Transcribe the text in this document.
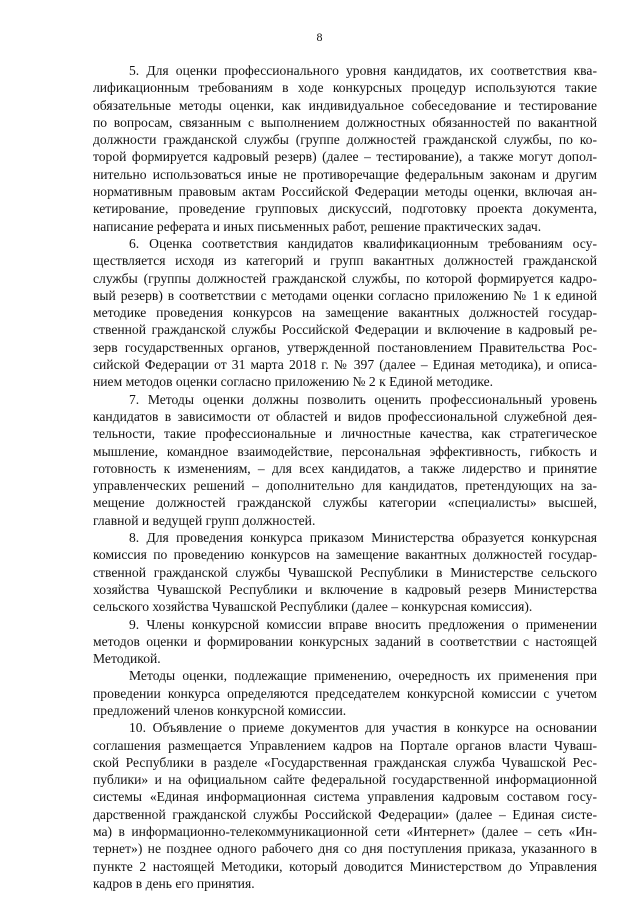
8
5. Для оценки профессионального уровня кандидатов, их соответствия ква-
лификационным требованиям в ходе конкурсных процедур используются такие
обязательные методы оценки, как индивидуальное собеседование и тестирование
по вопросам, связанным с выполнением должностных обязанностей по вакантной
должности гражданской службы (группе должностей гражданской службы, по ко-
торой формируется кадровый резерв) (далее – тестирование), а также могут допол-
нительно использоваться иные не противоречащие федеральным законам и другим
нормативным правовым актам Российской Федерации методы оценки, включая ан-
кетирование, проведение групповых дискуссий, подготовку проекта документа,
написание реферата и иных письменных работ, решение практических задач.
6. Оценка соответствия кандидатов квалификационным требованиям осу-
ществляется исходя из категорий и групп вакантных должностей гражданской
службы (группы должностей гражданской службы, по которой формируется кадро-
вый резерв) в соответствии с методами оценки согласно приложению № 1 к единой
методике проведения конкурсов на замещение вакантных должностей государ-
ственной гражданской службы Российской Федерации и включение в кадровый ре-
зерв государственных органов, утвержденной постановлением Правительства Рос-
сийской Федерации от 31 марта 2018 г. № 397 (далее – Единая методика), и описа-
нием методов оценки согласно приложению № 2 к Единой методике.
7. Методы оценки должны позволить оценить профессиональный уровень
кандидатов в зависимости от областей и видов профессиональной служебной дея-
тельности, такие профессиональные и личностные качества, как стратегическое
мышление, командное взаимодействие, персональная эффективность, гибкость и
готовность к изменениям, – для всех кандидатов, а также лидерство и принятие
управленческих решений – дополнительно для кандидатов, претендующих на за-
мещение должностей гражданской службы категории «специалисты» высшей,
главной и ведущей групп должностей.
8. Для проведения конкурса приказом Министерства образуется конкурсная
комиссия по проведению конкурсов на замещение вакантных должностей государ-
ственной гражданской службы Чувашской Республики в Министерстве сельского
хозяйства Чувашской Республики и включение в кадровый резерв Министерства
сельского хозяйства Чувашской Республики (далее – конкурсная комиссия).
9. Члены конкурсной комиссии вправе вносить предложения о применении
методов оценки и формировании конкурсных заданий в соответствии с настоящей
Методикой.
Методы оценки, подлежащие применению, очередность их применения при
проведении конкурса определяются председателем конкурсной комиссии с учетом
предложений членов конкурсной комиссии.
10. Объявление о приеме документов для участия в конкурсе на основании
соглашения размещается Управлением кадров на Портале органов власти Чуваш-
ской Республики в разделе «Государственная гражданская служба Чувашской Рес-
публики» и на официальном сайте федеральной государственной информационной
системы «Единая информационная система управления кадровым составом госу-
дарственной гражданской службы Российской Федерации» (далее – Единая систе-
ма) в информационно-телекоммуникационной сети «Интернет» (далее – сеть «Ин-
тернет») не позднее одного рабочего дня со дня поступления приказа, указанного в
пункте 2 настоящей Методики, который доводится Министерством до Управления
кадров в день его принятия.
